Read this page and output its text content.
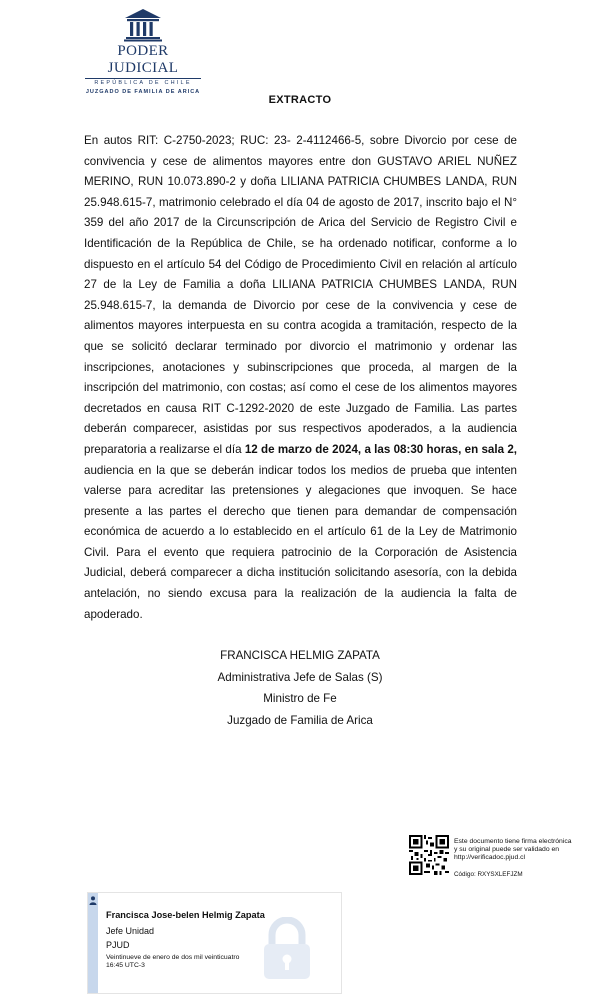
PODER JUDICIAL
REPÚBLICA DE CHILE
JUZGADO DE FAMILIA DE ARICA
EXTRACTO

En autos RIT: C-2750-2023; RUC: 23- 2-4112466-5, sobre Divorcio por cese de convivencia y cese de alimentos mayores entre don GUSTAVO ARIEL NUÑEZ MERINO, RUN 10.073.890-2 y doña LILIANA PATRICIA CHUMBES LANDA, RUN 25.948.615-7, matrimonio celebrado el día 04 de agosto de 2017, inscrito bajo el N° 359 del año 2017 de la Circunscripción de Arica del Servicio de Registro Civil e Identificación de la República de Chile, se ha ordenado notificar, conforme a lo dispuesto en el artículo 54 del Código de Procedimiento Civil en relación al artículo 27 de la Ley de Familia a doña LILIANA PATRICIA CHUMBES LANDA, RUN 25.948.615-7, la demanda de Divorcio por cese de la convivencia y cese de alimentos mayores interpuesta en su contra acogida a tramitación, respecto de la que se solicitó declarar terminado por divorcio el matrimonio y ordenar las inscripciones, anotaciones y subinscripciones que proceda, al margen de la inscripción del matrimonio, con costas; así como el cese de los alimentos mayores decretados en causa RIT C-1292-2020 de este Juzgado de Familia. Las partes deberán comparecer, asistidas por sus respectivos apoderados, a la audiencia preparatoria a realizarse el día 12 de marzo de 2024, a las 08:30 horas, en sala 2, audiencia en la que se deberán indicar todos los medios de prueba que intenten valerse para acreditar las pretensiones y alegaciones que invoquen. Se hace presente a las partes el derecho que tienen para demandar de compensación económica de acuerdo a lo establecido en el artículo 61 de la Ley de Matrimonio Civil. Para el evento que requiera patrocinio de la Corporación de Asistencia Judicial, deberá comparecer a dicha institución solicitando asesoría, con la debida antelación, no siendo excusa para la realización de la audiencia la falta de apoderado.

FRANCISCA HELMIG ZAPATA
Administrativa Jefe de Salas (S)
Ministro de Fe
Juzgado de Familia de Arica
Este documento tiene firma electrónica
y su original puede ser validado en
http://verificadoc.pjud.cl
Código: RXYSXLEFJZM
Francisca Jose-belen Helmig Zapata
Jefe Unidad
PJUD
Veintinueve de enero de dos mil veinticuatro
16:45 UTC-3
